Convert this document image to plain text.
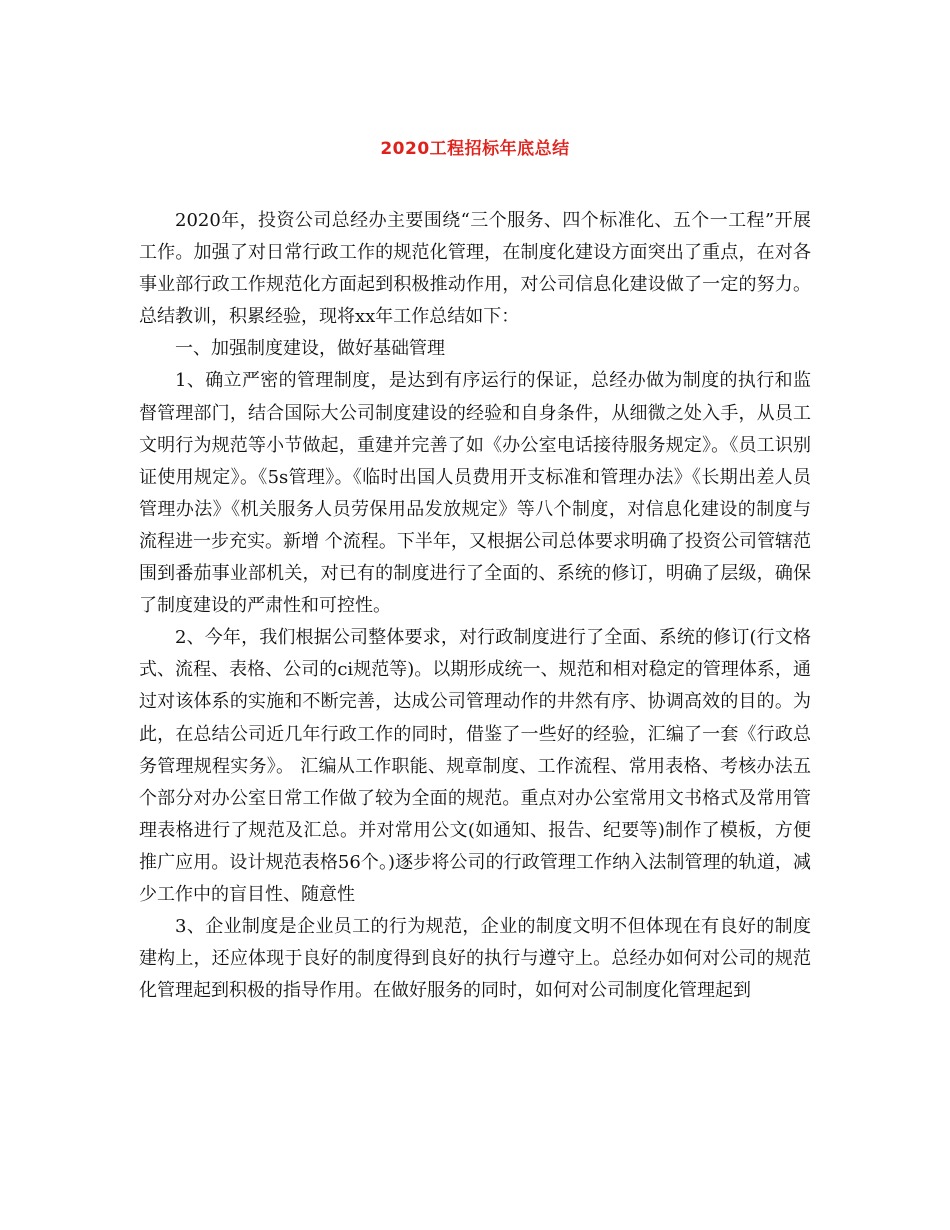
2020工程招标年底总结

2020年，投资公司总经办主要围绕“三个服务、四个标准化、五个一工程”开展工作。加强了对日常行政工作的规范化管理，在制度化建设方面突出了重点，在对各事业部行政工作规范化方面起到积极推动作用，对公司信息化建设做了一定的努力。总结教训，积累经验，现将xx年工作总结如下：

一、加强制度建设，做好基础管理

1、确立严密的管理制度，是达到有序运行的保证，总经办做为制度的执行和监督管理部门，结合国际大公司制度建设的经验和自身条件，从细微之处入手，从员工文明行为规范等小节做起，重建并完善了如《办公室电话接待服务规定》。《员工识别证使用规定》。《5s管理》。《临时出国人员费用开支标准和管理办法》《长期出差人员管理办法》《机关服务人员劳保用品发放规定》等八个制度，对信息化建设的制度与流程进一步充实。新增 个流程。下半年，又根据公司总体要求明确了投资公司管辖范围到番茄事业部机关，对已有的制度进行了全面的、系统的修订，明确了层级，确保了制度建设的严肃性和可控性。

2、今年，我们根据公司整体要求，对行政制度进行了全面、系统的修订(行文格式、流程、表格、公司的ci规范等)。以期形成统一、规范和相对稳定的管理体系，通过对该体系的实施和不断完善，达成公司管理动作的井然有序、协调高效的目的。为此，在总结公司近几年行政工作的同时，借鉴了一些好的经验，汇编了一套《行政总务管理规程实务》。 汇编从工作职能、规章制度、工作流程、常用表格、考核办法五个部分对办公室日常工作做了较为全面的规范。重点对办公室常用文书格式及常用管理表格进行了规范及汇总。并对常用公文(如通知、报告、纪要等)制作了模板，方便推广应用。设计规范表格56个。)逐步将公司的行政管理工作纳入法制管理的轨道，减少工作中的盲目性、随意性

3、企业制度是企业员工的行为规范，企业的制度文明不但体现在有良好的制度建构上，还应体现于良好的制度得到良好的执行与遵守上。总经办如何对公司的规范化管理起到积极的指导作用。在做好服务的同时，如何对公司制度化管理起到
